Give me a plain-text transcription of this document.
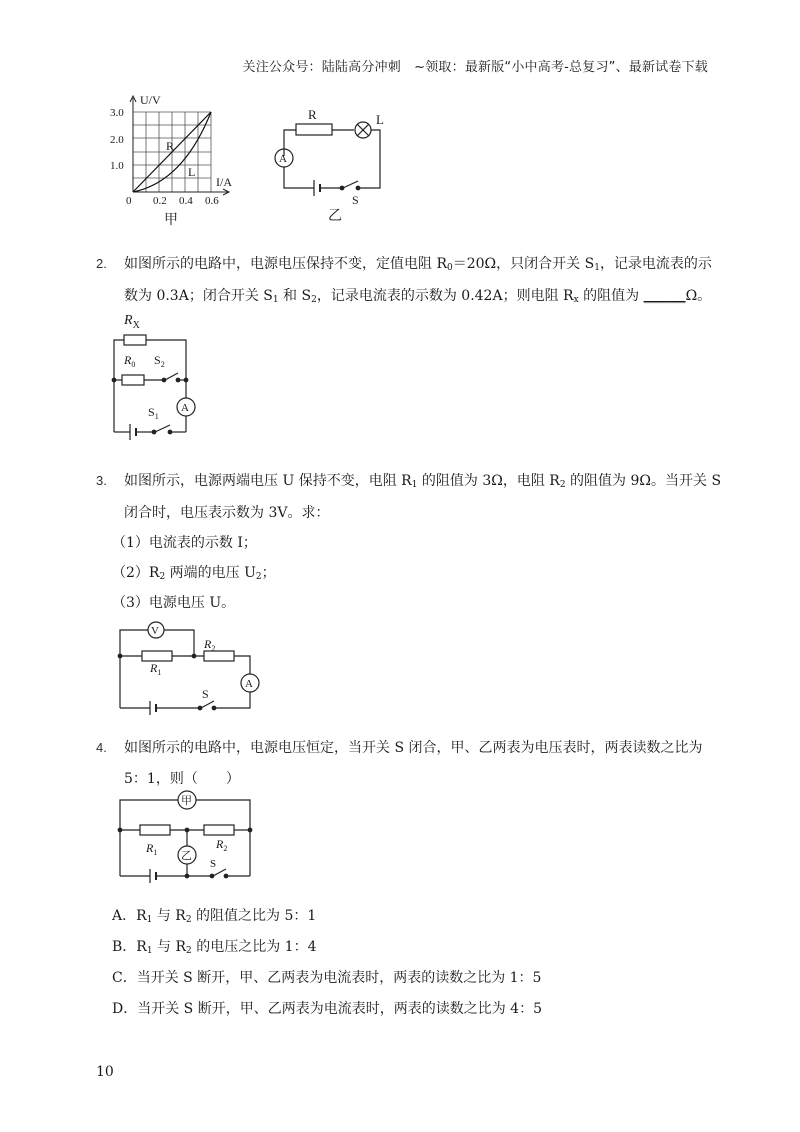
关注公众号：陆陆高分冲刺　~领取：最新版“小中高考-总复习”、最新试卷下载
U/V
I/A
3.0
2.0
1.0
0 0.2 0.4 0.6
R
L
甲
R	L
A
S
乙
2. 如图所示的电路中，电源电压保持不变，定值电阻 $R_0=20\Omega$，只闭合开关 $S_1$，记录电流表的示
数为 0.3A；闭合开关 $S_1$ 和 $S_2$，记录电流表的示数为 0.42A；则电阻 $R_x$ 的阻值为 ______Ω。
$R_X$
$R_0$ $S_2$
$S_1$
A
3. 如图所示，电源两端电压 U 保持不变，电阻 $R_1$ 的阻值为 3Ω，电阻 $R_2$ 的阻值为 9Ω。当开关 S
闭合时，电压表示数为 3V。求：
（1）电流表的示数 I；
$(2)R_2$ 两端的电压 $U_2$；
（3）电源电压 U。
V
$R_1$
$R_2$
A
S
4. 如图所示的电路中，电源电压恒定，当开关 S 闭合，甲、乙两表为电压表时，两表读数之比为
5：1，则（　　）
甲
乙
$R_1$
$R_2$
S
A．$R_1$ 与 $R_2$ 的阻值之比为 5：1
B．$R_1$ 与 $R_2$ 的电压之比为 1：4
C．当开关 S 断开，甲、乙两表为电流表时，两表的读数之比为 1：5
D．当开关 S 断开，甲、乙两表为电流表时，两表的读数之比为 4：5
10
